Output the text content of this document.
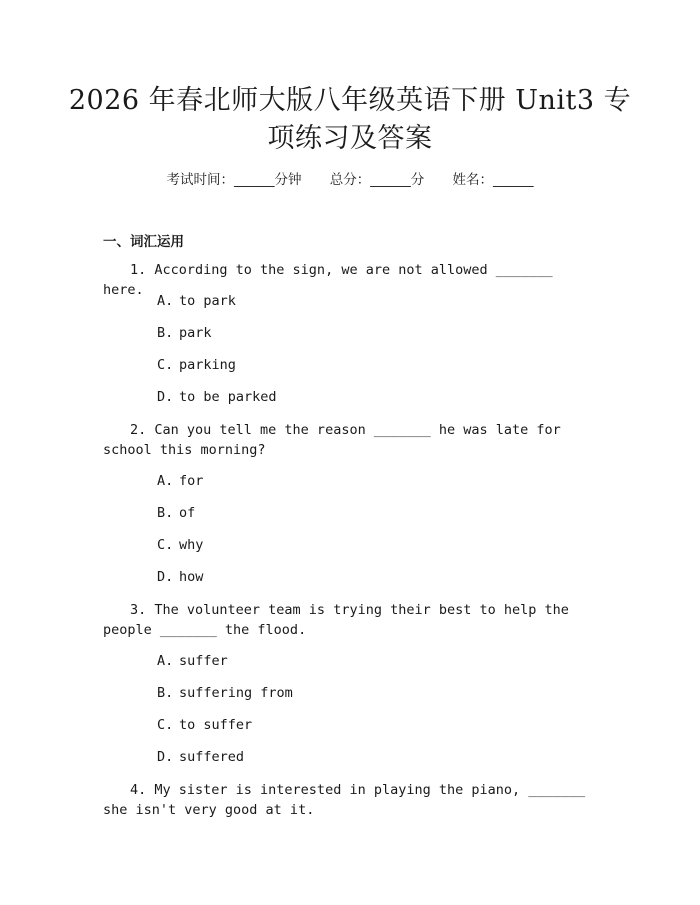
2026 年春北师大版八年级英语下册 Unit3 专
项练习及答案
考试时间：______分钟 总分：______分 姓名：______
一、词汇运用
1. According to the sign, we are not allowed _______ here.
A. to park
B. park
C. parking
D. to be parked
2. Can you tell me the reason _______ he was late for school this morning?
A. for
B. of
C. why
D. how
3. The volunteer team is trying their best to help the people _______ the flood.
A. suffer
B. suffering from
C. to suffer
D. suffered
4. My sister is interested in playing the piano, _______ she isn't very good at it.
